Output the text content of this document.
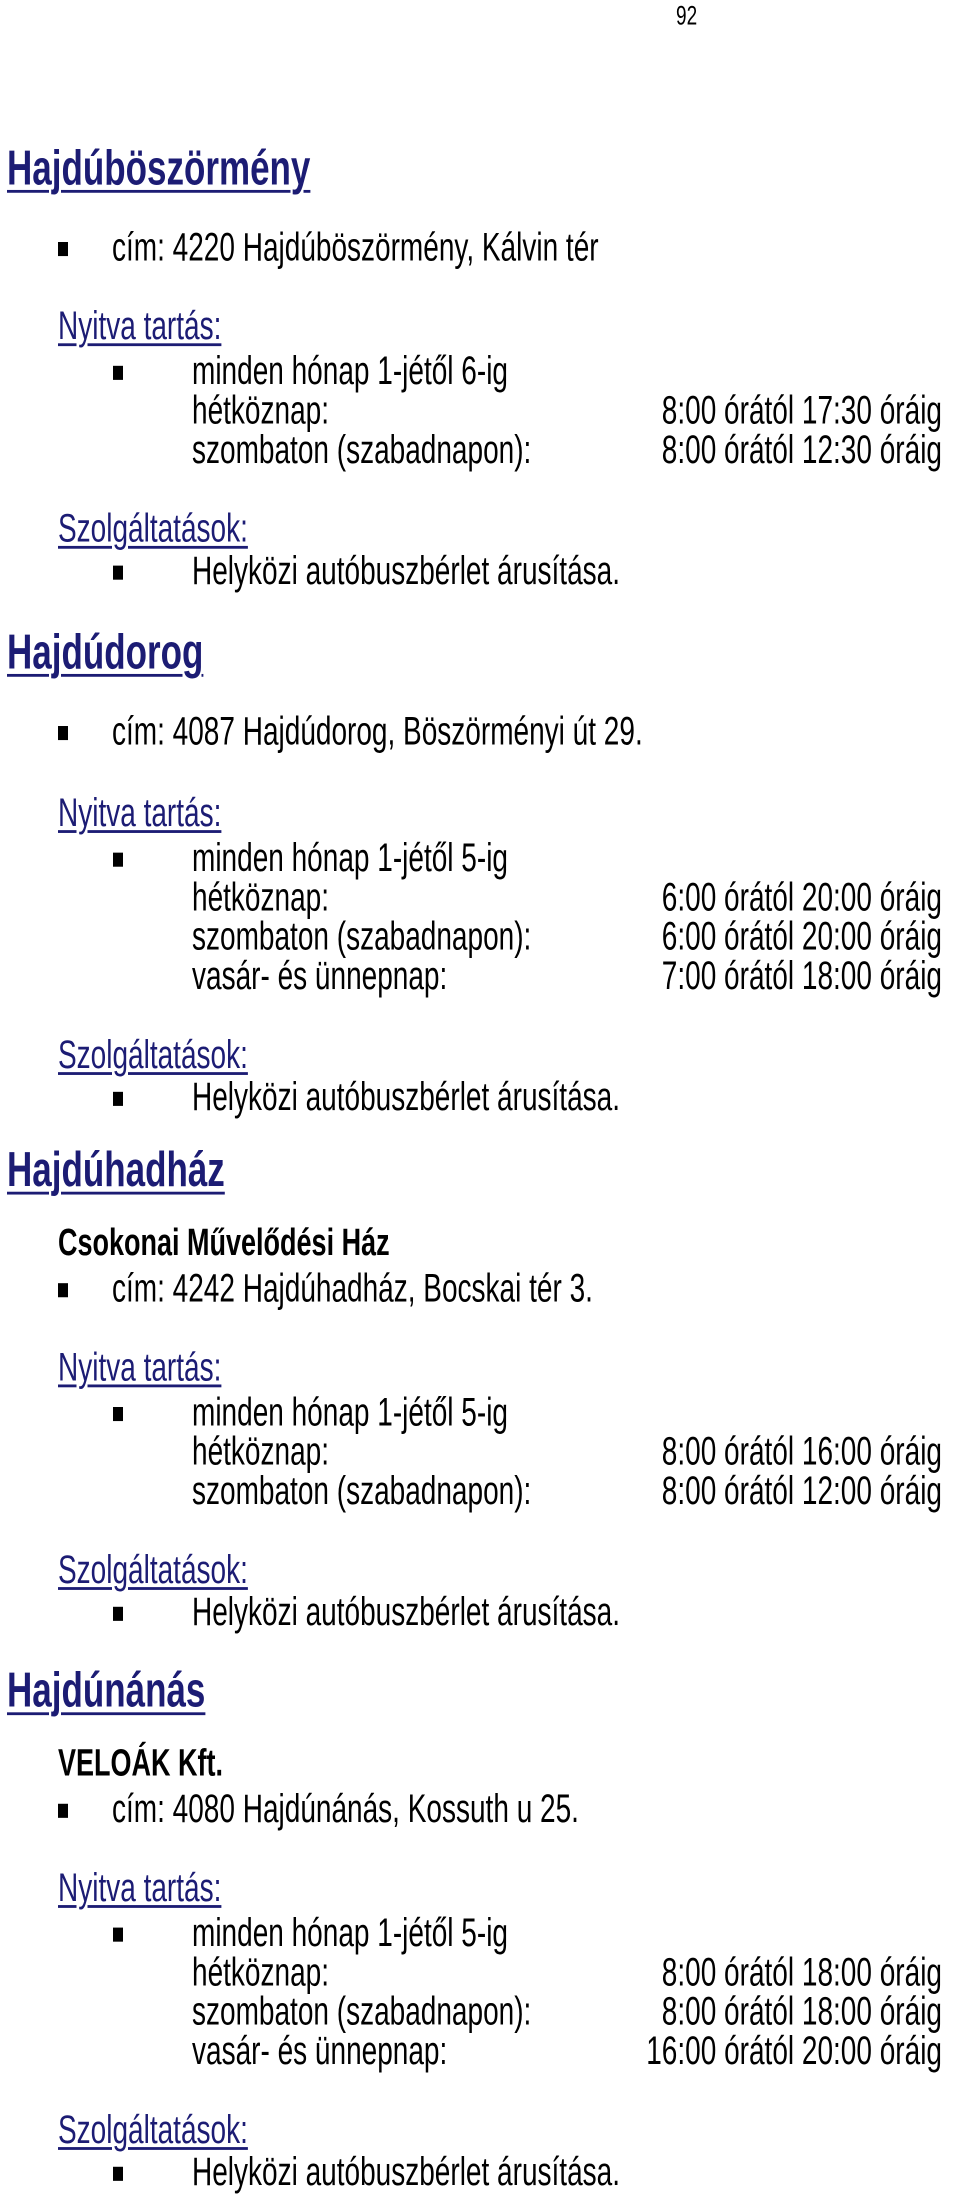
92
Hajdúböszörmény
cím: 4220 Hajdúböszörmény, Kálvin tér
Nyitva tartás:
minden hónap 1-jétől 6-ig
hétköznap:	8:00 órától 17:30 óráig
szombaton (szabadnapon):	8:00 órától 12:30 óráig
Szolgáltatások:
Helyközi autóbuszbérlet árusítása.
Hajdúdorog
cím: 4087 Hajdúdorog, Böszörményi út 29.
Nyitva tartás:
minden hónap 1-jétől 5-ig
hétköznap:	6:00 órától 20:00 óráig
szombaton (szabadnapon):	6:00 órától 20:00 óráig
vasár- és ünnepnap:	7:00 órától 18:00 óráig
Szolgáltatások:
Helyközi autóbuszbérlet árusítása.
Hajdúhadház
Csokonai Művelődési Ház
cím: 4242 Hajdúhadház, Bocskai tér 3.
Nyitva tartás:
minden hónap 1-jétől 5-ig
hétköznap:	8:00 órától 16:00 óráig
szombaton (szabadnapon):	8:00 órától 12:00 óráig
Szolgáltatások:
Helyközi autóbuszbérlet árusítása.
Hajdúnánás
VELOÁK Kft.
cím: 4080 Hajdúnánás, Kossuth u 25.
Nyitva tartás:
minden hónap 1-jétől 5-ig
hétköznap:	8:00 órától 18:00 óráig
szombaton (szabadnapon):	8:00 órától 18:00 óráig
vasár- és ünnepnap:	16:00 órától 20:00 óráig
Szolgáltatások:
Helyközi autóbuszbérlet árusítása.
